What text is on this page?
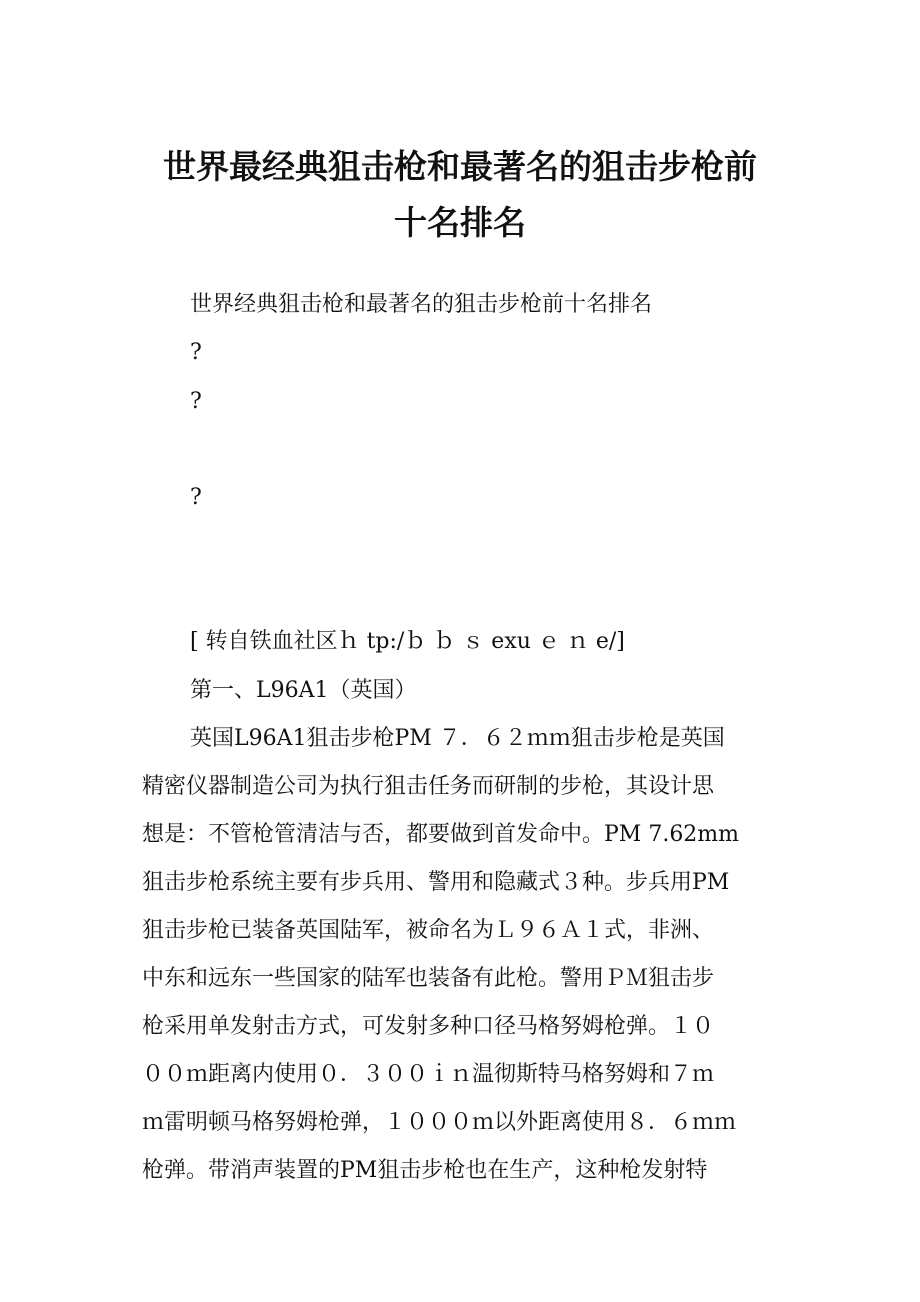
世界最经典狙击枪和最著名的狙击步枪前
十名排名
世界经典狙击枪和最著名的狙击步枪前十名排名
?
?
?
[ 转自铁血社区ｈ tp:/ｂ ｂ ｓ exu ｅ ｎ e/]
第一、L96A1（英国）
英国L96A1狙击步枪PM ７．６２ｍｍ狙击步枪是英国
精密仪器制造公司为执行狙击任务而研制的步枪，其设计思
想是：不管枪管清洁与否，都要做到首发命中。PM 7.62mm
狙击步枪系统主要有步兵用、警用和隐藏式３种。步兵用PM
狙击步枪已装备英国陆军，被命名为Ｌ９６Ａ１式，非洲、
中东和远东一些国家的陆军也装备有此枪。警用ＰＭ狙击步
枪采用单发射击方式，可发射多种口径马格努姆枪弹。１０
００ｍ距离内使用０．３００ｉｎ温彻斯特马格努姆和７ｍ
ｍ雷明顿马格努姆枪弹，１０００ｍ以外距离使用８．６ｍｍ
枪弹。带消声装置的PM狙击步枪也在生产，这种枪发射特
